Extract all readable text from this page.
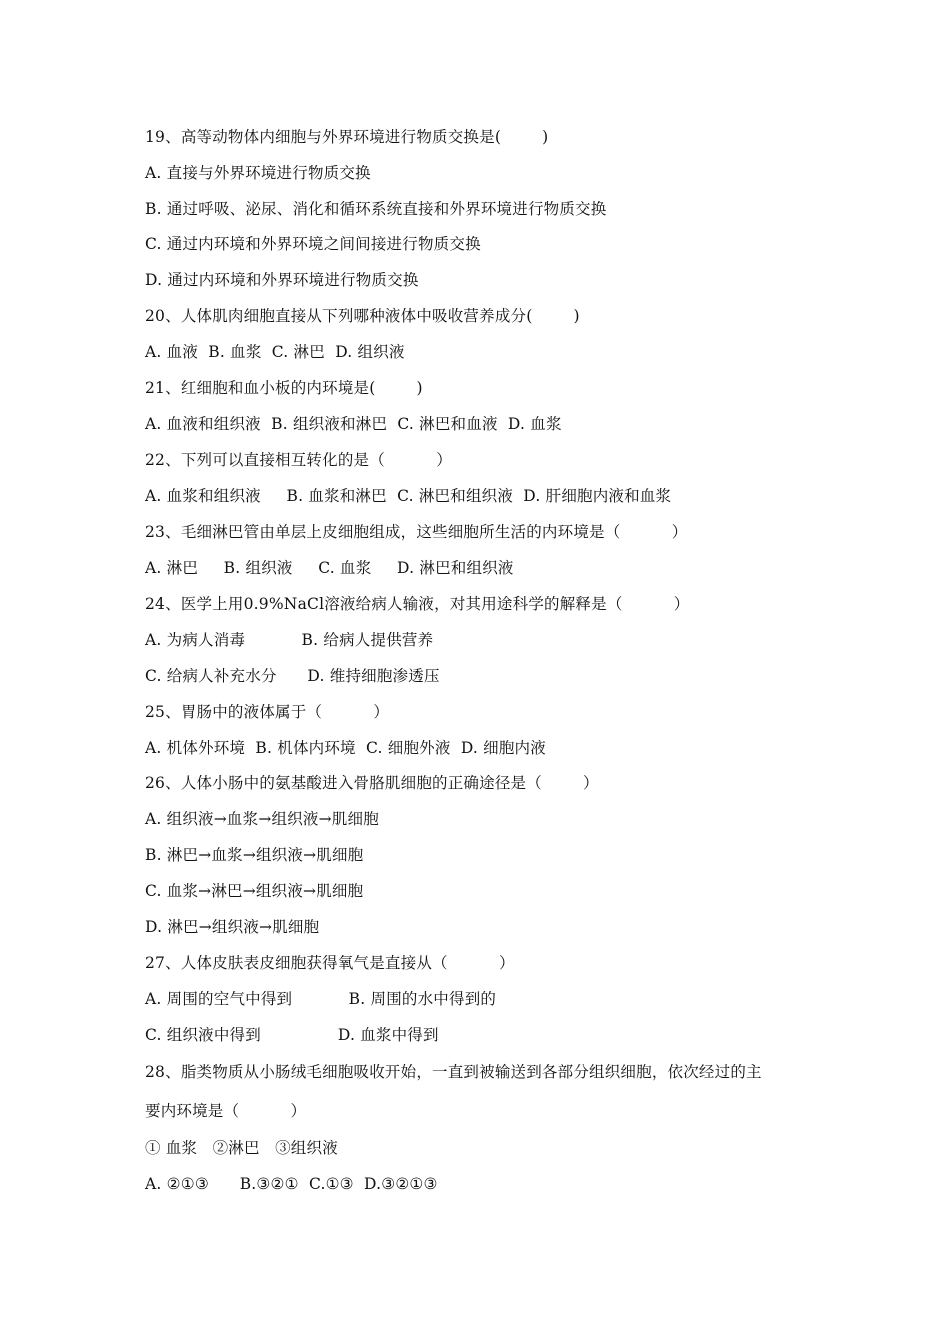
19、高等动物体内细胞与外界环境进行物质交换是(        )
A. 直接与外界环境进行物质交换
B. 通过呼吸、泌尿、消化和循环系统直接和外界环境进行物质交换
C. 通过内环境和外界环境之间间接进行物质交换
D. 通过内环境和外界环境进行物质交换
20、人体肌肉细胞直接从下列哪种液体中吸收营养成分(        )
A. 血液  B. 血浆  C. 淋巴  D. 组织液
21、红细胞和血小板的内环境是(        )
A. 血液和组织液  B. 组织液和淋巴  C. 淋巴和血液  D. 血浆
22、下列可以直接相互转化的是（          ）
A. 血浆和组织液     B. 血浆和淋巴  C. 淋巴和组织液  D. 肝细胞内液和血浆
23、毛细淋巴管由单层上皮细胞组成，这些细胞所生活的内环境是（          ）
A. 淋巴     B. 组织液     C. 血浆     D. 淋巴和组织液
24、医学上用0.9%NaCl溶液给病人输液，对其用途科学的解释是（          ）
A. 为病人消毒           B. 给病人提供营养
C. 给病人补充水分      D. 维持细胞渗透压
25、胃肠中的液体属于（          ）
A. 机体外环境  B. 机体内环境  C. 细胞外液  D. 细胞内液
26、人体小肠中的氨基酸进入骨胳肌细胞的正确途径是（        ）
A. 组织液→血浆→组织液→肌细胞
B. 淋巴→血浆→组织液→肌细胞
C. 血浆→淋巴→组织液→肌细胞
D. 淋巴→组织液→肌细胞
27、人体皮肤表皮细胞获得氧气是直接从（          ）
A. 周围的空气中得到           B. 周围的水中得到的
C. 组织液中得到               D. 血浆中得到
28、脂类物质从小肠绒毛细胞吸收开始，一直到被输送到各部分组织细胞，依次经过的主
要内环境是（          ）
① 血浆   ②淋巴   ③组织液
A. ②①③      B.③②①  C.①③  D.③②①③
